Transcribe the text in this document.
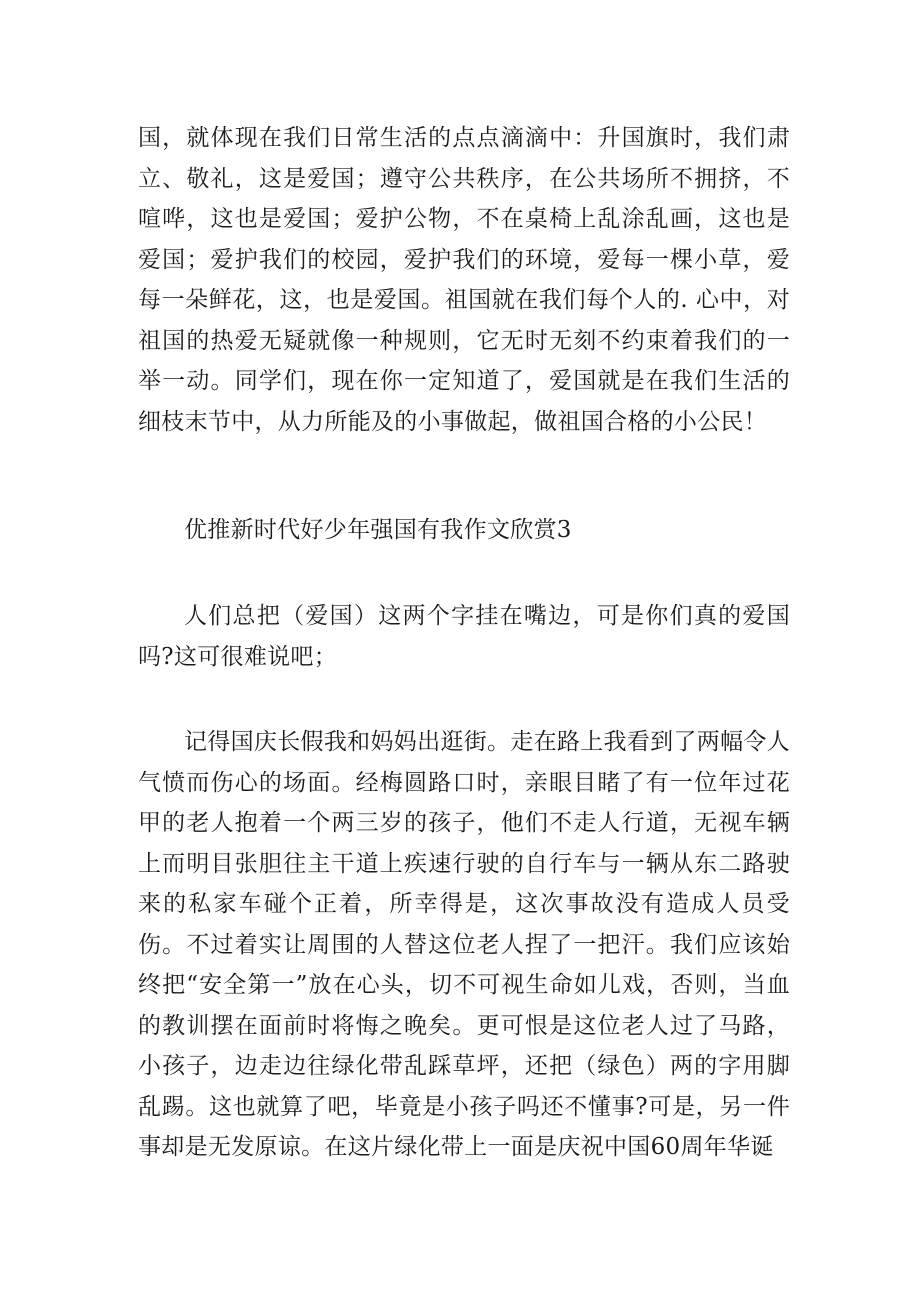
国，就体现在我们日常生活的点点滴滴中：升国旗时，我们肃立、敬礼，这是爱国；遵守公共秩序，在公共场所不拥挤，不喧哗，这也是爱国；爱护公物，不在桌椅上乱涂乱画，这也是爱国；爱护我们的校园，爱护我们的环境，爱每一棵小草，爱每一朵鲜花，这，也是爱国。祖国就在我们每个人的. 心中，对祖国的热爱无疑就像一种规则，它无时无刻不约束着我们的一举一动。同学们，现在你一定知道了，爱国就是在我们生活的细枝末节中，从力所能及的小事做起，做祖国合格的小公民！

优推新时代好少年强国有我作文欣赏3

人们总把（爱国）这两个字挂在嘴边，可是你们真的爱国吗?这可很难说吧；

记得国庆长假我和妈妈出逛街。走在路上我看到了两幅令人气愤而伤心的场面。经梅圆路口时，亲眼目睹了有一位年过花甲的老人抱着一个两三岁的孩子，他们不走人行道，无视车辆上而明目张胆往主干道上疾速行驶的自行车与一辆从东二路驶来的私家车碰个正着，所幸得是，这次事故没有造成人员受伤。不过着实让周围的人替这位老人捏了一把汗。我们应该始终把“安全第一”放在心头，切不可视生命如儿戏，否则，当血的教训摆在面前时将悔之晚矣。更可恨是这位老人过了马路，小孩子，边走边往绿化带乱踩草坪，还把（绿色）两的字用脚乱踢。这也就算了吧，毕竟是小孩子吗还不懂事?可是，另一件事却是无发原谅。在这片绿化带上一面是庆祝中国60周年华诞
